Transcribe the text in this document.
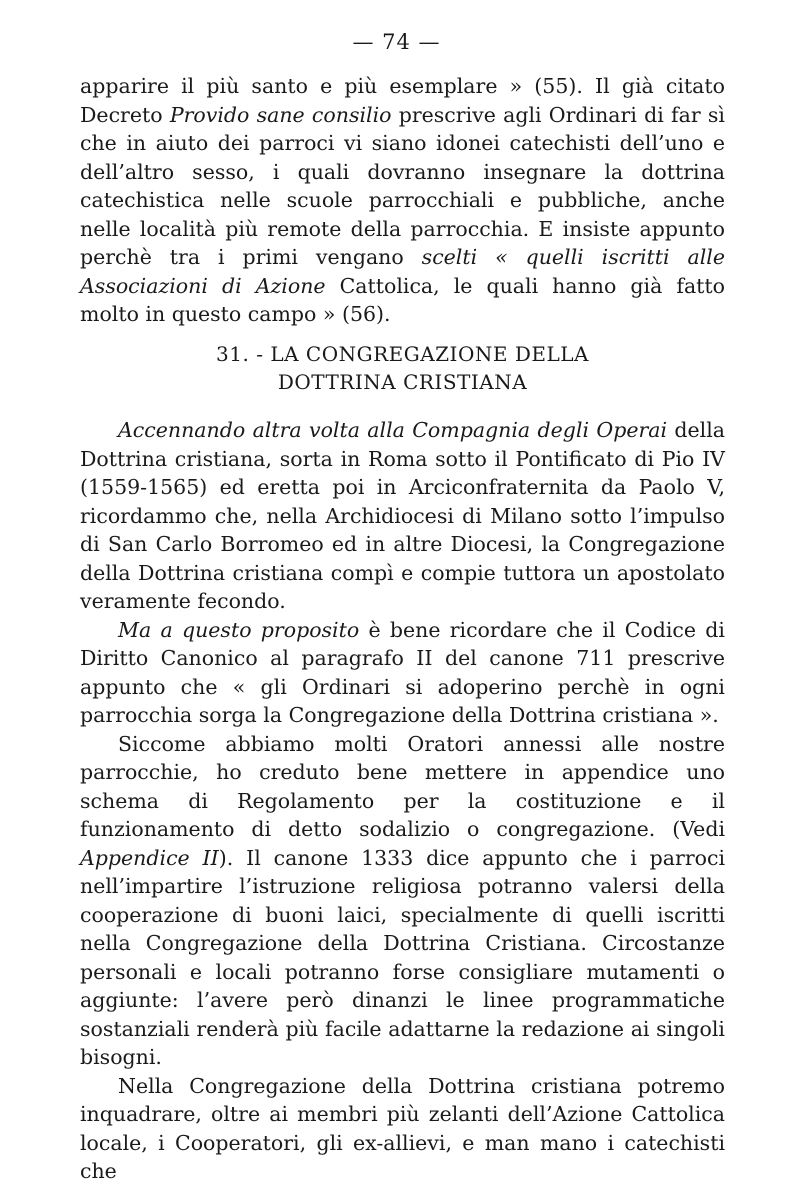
— 74 —

apparire il più santo e più esemplare » (55). Il già citato Decreto Provido sane consilio prescrive agli Ordinari di far sì che in aiuto dei parroci vi siano idonei catechisti dell’uno e dell’altro sesso, i quali dovranno insegnare la dottrina catechistica nelle scuole parrocchiali e pubbliche, anche nelle località più remote della parrocchia. E insiste appunto perchè tra i primi vengano scelti « quelli iscritti alle Associazioni di Azione Cattolica, le quali hanno già fatto molto in questo campo » (56).

31. - LA CONGREGAZIONE DELLA
DOTTRINA CRISTIANA

Accennando altra volta alla Compagnia degli Operai della Dottrina cristiana, sorta in Roma sotto il Pontificato di Pio IV (1559-1565) ed eretta poi in Arciconfraternita da Paolo V, ricordammo che, nella Archidiocesi di Milano sotto l’impulso di San Carlo Borromeo ed in altre Diocesi, la Congregazione della Dottrina cristiana compì e compie tuttora un apostolato veramente fecondo.

Ma a questo proposito è bene ricordare che il Codice di Diritto Canonico al paragrafo II del canone 711 prescrive appunto che « gli Ordinari si adoperino perchè in ogni parrocchia sorga la Congregazione della Dottrina cristiana ».

Siccome abbiamo molti Oratori annessi alle nostre parrocchie, ho creduto bene mettere in appendice uno schema di Regolamento per la costituzione e il funzionamento di detto sodalizio o congregazione. (Vedi Appendice II). Il canone 1333 dice appunto che i parroci nell’impartire l’istruzione religiosa potranno valersi della cooperazione di buoni laici, specialmente di quelli iscritti nella Congregazione della Dottrina Cristiana. Circostanze personali e locali potranno forse consigliare mutamenti o aggiunte: l’avere però dinanzi le linee programmatiche sostanziali renderà più facile adattarne la redazione ai singoli bisogni.

Nella Congregazione della Dottrina cristiana potremo inquadrare, oltre ai membri più zelanti dell’Azione Cattolica locale, i Cooperatori, gli ex-allievi, e man mano i catechisti che
